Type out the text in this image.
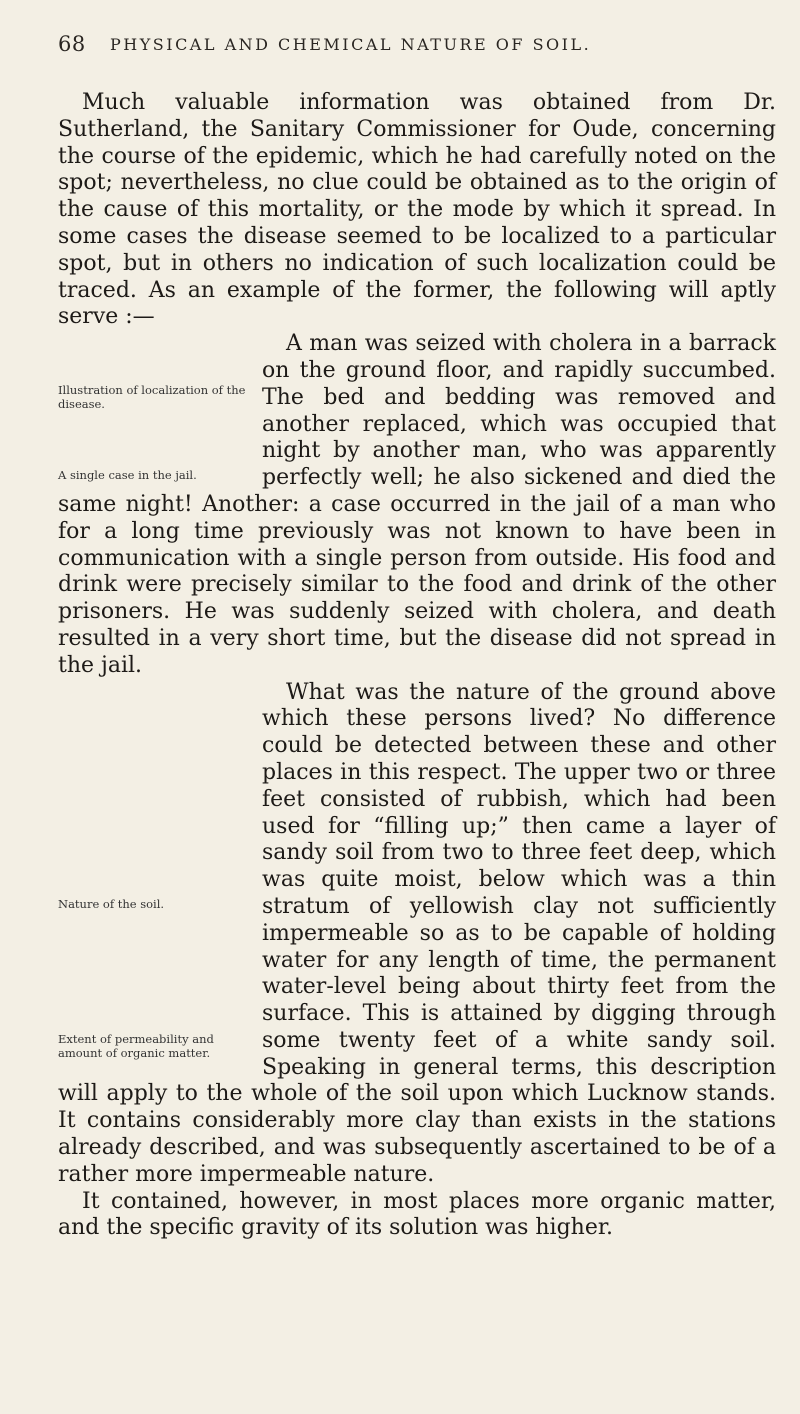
68 PHYSICAL AND CHEMICAL NATURE OF SOIL.

Much valuable information was obtained from Dr. Sutherland, the Sanitary Commissioner for Oude, concerning the course of the epidemic, which he had carefully noted on the spot; nevertheless, no clue could be obtained as to the origin of the cause of this mortality, or the mode by which it spread. In some cases the disease seemed to be localized to a particular spot, but in others no indication of such localization could be traced. As an example of the former, the following will aptly serve :—

Illustration of localization of the disease.
A single case in the jail.
A man was seized with cholera in a barrack on the ground floor, and rapidly succumbed. The bed and bedding was removed and another replaced, which was occupied that night by another man, who was apparently perfectly well; he also sickened and died the same night! Another: a case occurred in the jail of a man who for a long time previously was not known to have been in communication with a single person from outside. His food and drink were precisely similar to the food and drink of the other prisoners. He was suddenly seized with cholera, and death resulted in a very short time, but the disease did not spread in the jail.

Nature of the soil.
Extent of permeability and amount of organic matter.
What was the nature of the ground above which these persons lived? No difference could be detected between these and other places in this respect. The upper two or three feet consisted of rubbish, which had been used for “filling up;” then came a layer of sandy soil from two to three feet deep, which was quite moist, below which was a thin stratum of yellowish clay not sufficiently impermeable so as to be capable of holding water for any length of time, the permanent water-level being about thirty feet from the surface. This is attained by digging through some twenty feet of a white sandy soil. Speaking in general terms, this description will apply to the whole of the soil upon which Lucknow stands. It contains considerably more clay than exists in the stations already described, and was subsequently ascertained to be of a rather more impermeable nature.

It contained, however, in most places more organic matter, and the specific gravity of its solution was higher.
